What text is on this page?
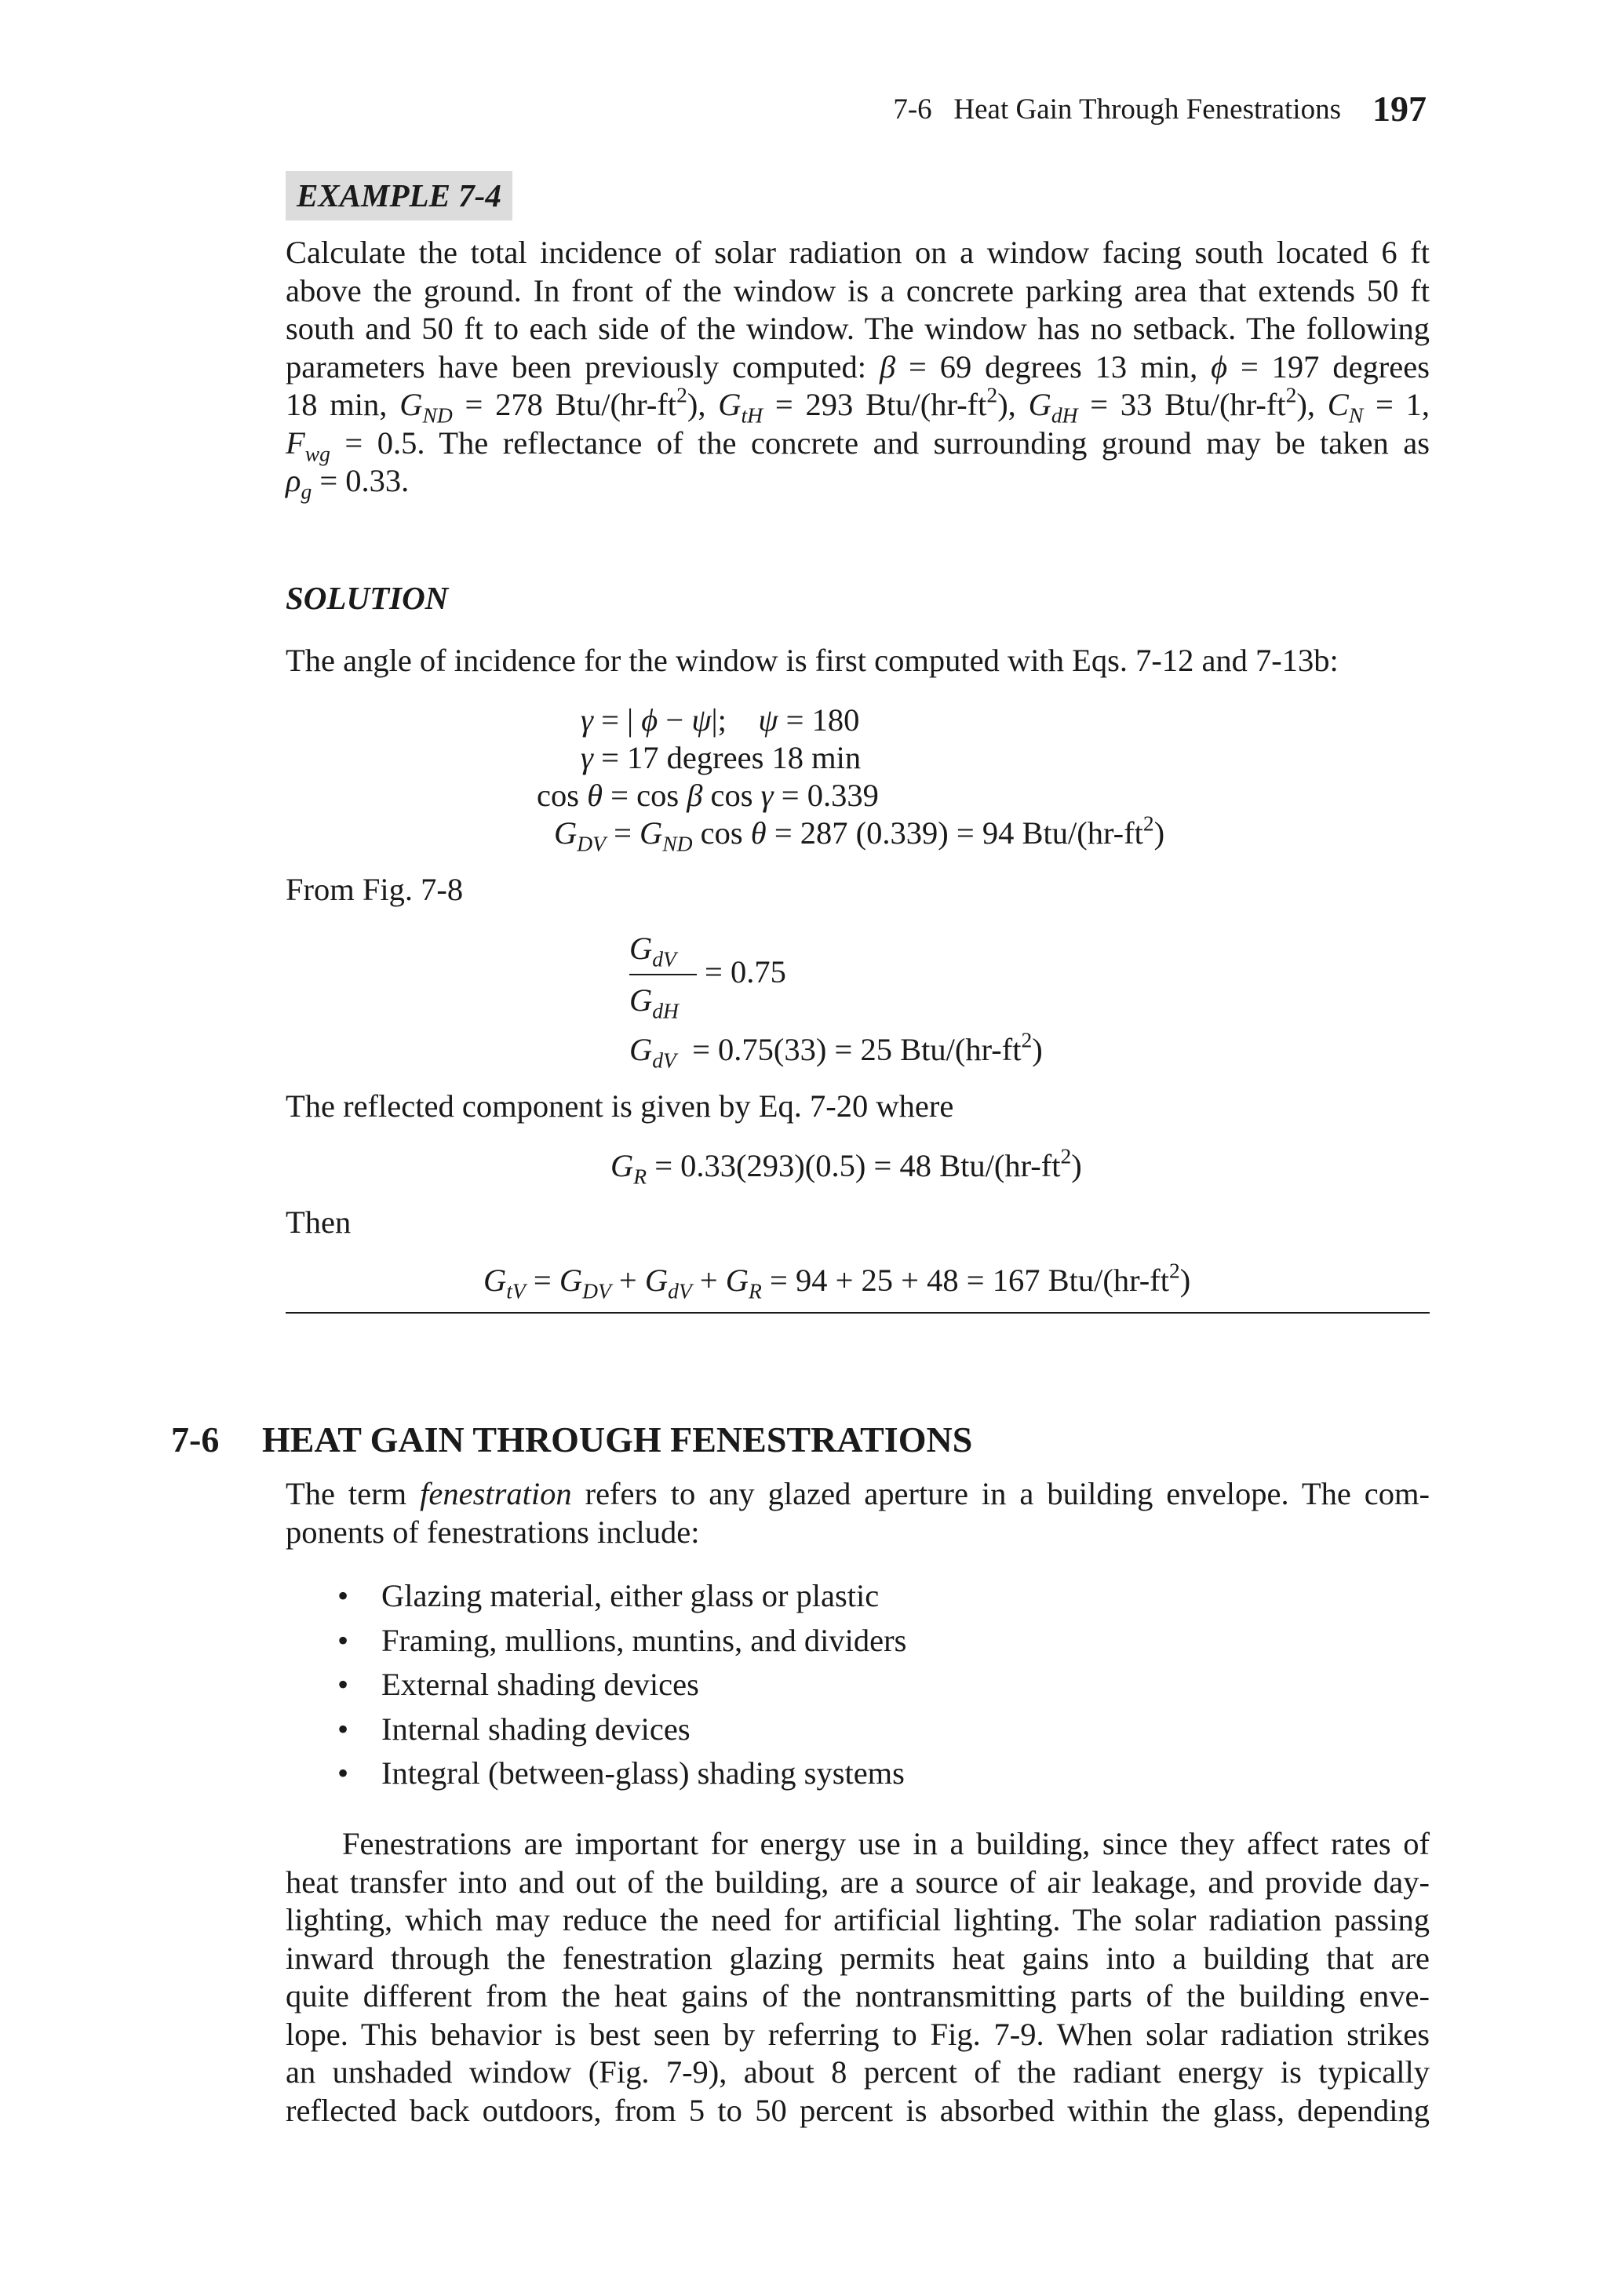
7-6   Heat Gain Through Fenestrations 197
EXAMPLE 7-4
Calculate the total incidence of solar radiation on a window facing south located 6 ft
above the ground. In front of the window is a concrete parking area that extends 50 ft
south and 50 ft to each side of the window. The window has no setback. The following
parameters have been previously computed: β = 69 degrees 13 min, ϕ = 197 degrees
18 min, $G_{ND} = 278$ Btu/$(hr-ft^2)$, $G_{tH} = 293$ Btu/$(hr-ft^2)$, $G_{dH} = 33$ Btu/$(hr-ft^2)$, $C_N = 1$,
$F_{wg} = 0.5$. The reflectance of the concrete and surrounding ground may be taken as
$\rho_g = 0.33$.
SOLUTION
The angle of incidence for the window is first computed with Eqs. 7-12 and 7-13b:
γ = | ϕ − ψ|;    ψ = 180
γ = 17 degrees 18 min
cos θ = cos β cos γ = 0.339
$G_{DV} = G_{ND}$ cos θ = 287 (0.339) = 94 Btu/$(hr-ft^2)$
From Fig. 7-8
$G_{dV}$
$G_{dH}$
= 0.75
$G_{dV} = 0.75(33) = 25$ Btu/$(hr-ft^2)$
The reflected component is given by Eq. 7-20 where
$G_R = 0.33(293)(0.5) = 48$ Btu/$(hr-ft^2)$
Then
$G_{tV} = G_{DV} + G_{dV} + G_R = 94 + 25 + 48 = 167$ Btu/$(hr-ft^2)$
7-6 HEAT GAIN THROUGH FENESTRATIONS
The term fenestration refers to any glazed aperture in a building envelope. The com-
ponents of fenestrations include:
• Glazing material, either glass or plastic
• Framing, mullions, muntins, and dividers
• External shading devices
• Internal shading devices
• Integral (between-glass) shading systems
Fenestrations are important for energy use in a building, since they affect rates of
heat transfer into and out of the building, are a source of air leakage, and provide day-
lighting, which may reduce the need for artificial lighting. The solar radiation passing
inward through the fenestration glazing permits heat gains into a building that are
quite different from the heat gains of the nontransmitting parts of the building enve-
lope. This behavior is best seen by referring to Fig. 7-9. When solar radiation strikes
an unshaded window (Fig. 7-9), about 8 percent of the radiant energy is typically
reflected back outdoors, from 5 to 50 percent is absorbed within the glass, depending
